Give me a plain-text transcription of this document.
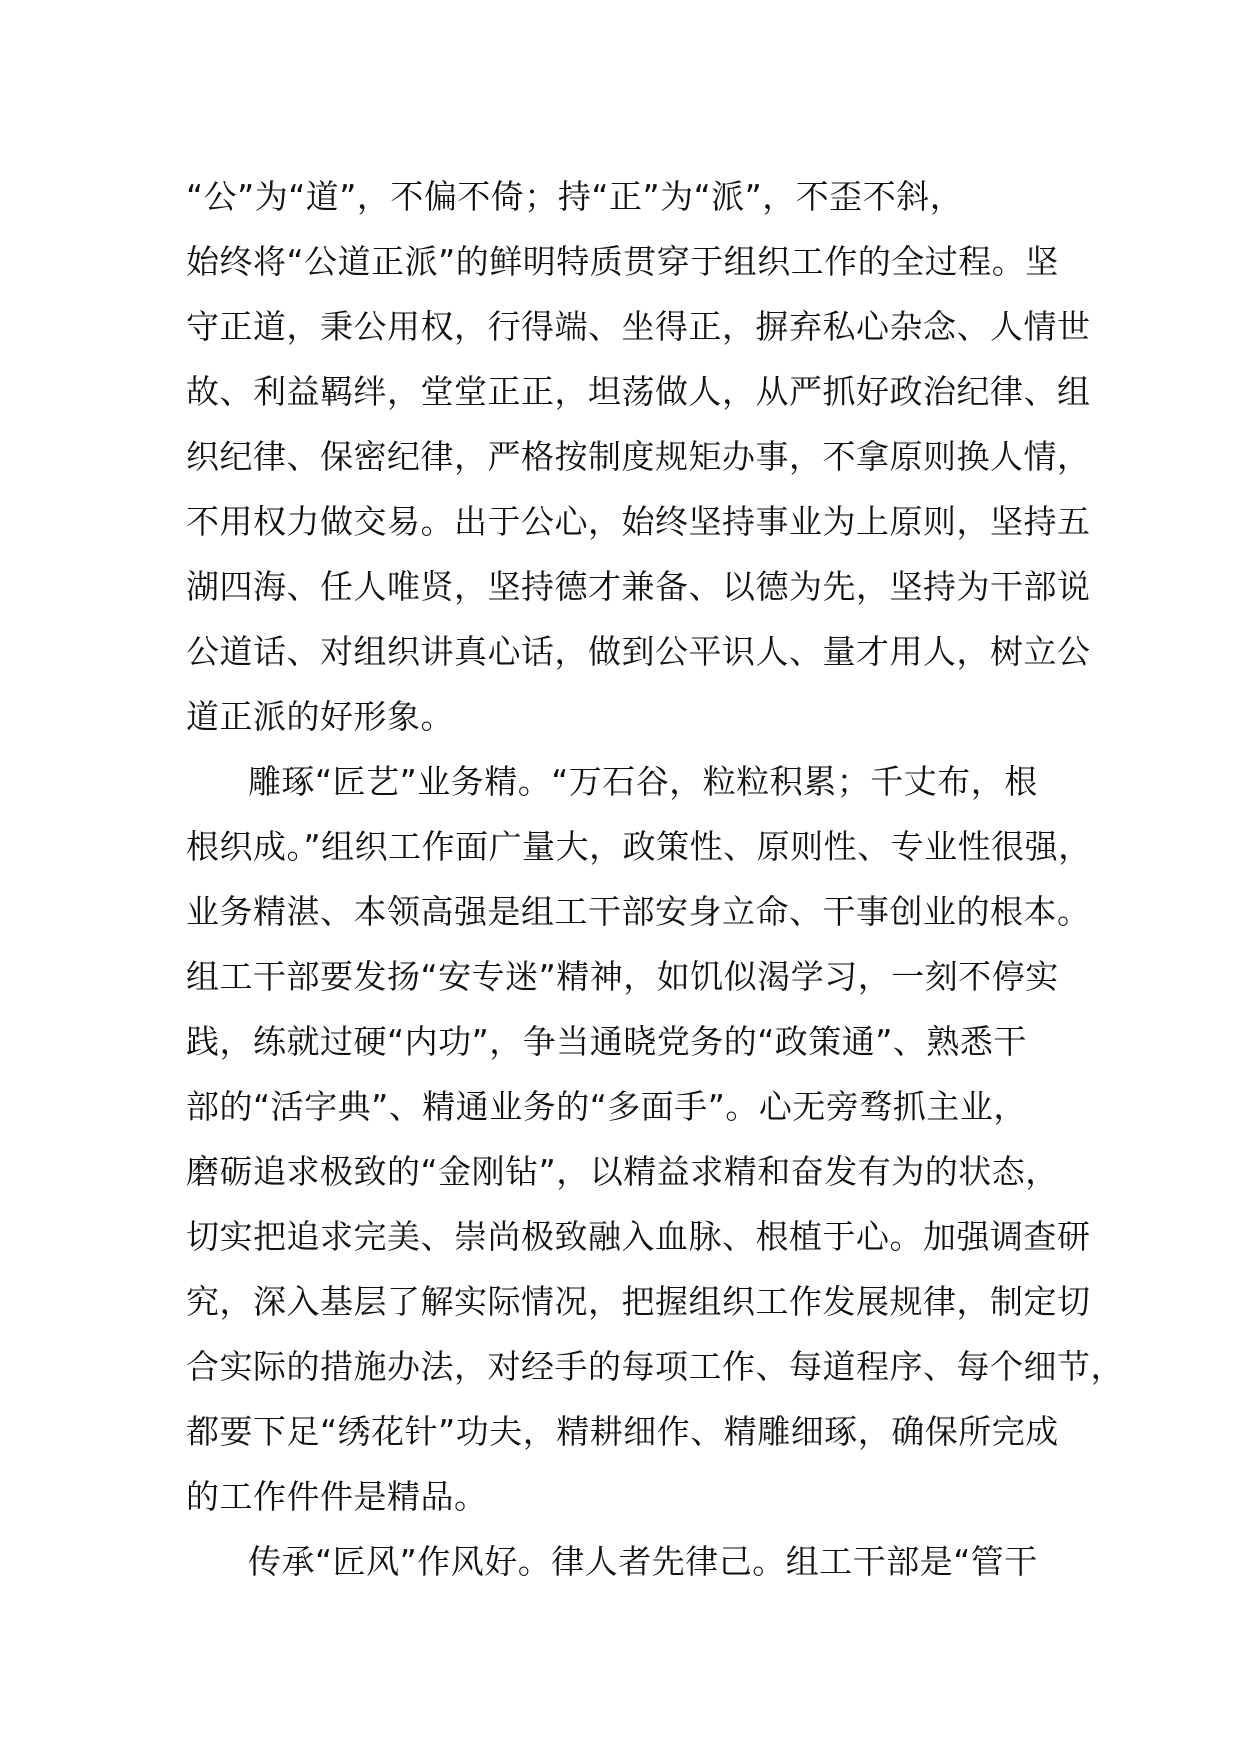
“公”为“道”，不偏不倚；持“正”为“派”，不歪不斜，
始终将“公道正派”的鲜明特质贯穿于组织工作的全过程。坚
守正道，秉公用权，行得端、坐得正，摒弃私心杂念、人情世
故、利益羁绊，堂堂正正，坦荡做人，从严抓好政治纪律、组
织纪律、保密纪律，严格按制度规矩办事，不拿原则换人情，
不用权力做交易。出于公心，始终坚持事业为上原则，坚持五
湖四海、任人唯贤，坚持德才兼备、以德为先，坚持为干部说
公道话、对组织讲真心话，做到公平识人、量才用人，树立公
道正派的好形象。
雕琢“匠艺”业务精。“万石谷，粒粒积累；千丈布，根
根织成。”组织工作面广量大，政策性、原则性、专业性很强，
业务精湛、本领高强是组工干部安身立命、干事创业的根本。
组工干部要发扬“安专迷”精神，如饥似渴学习，一刻不停实
践，练就过硬“内功”，争当通晓党务的“政策通”、熟悉干
部的“活字典”、精通业务的“多面手”。心无旁骛抓主业，
磨砺追求极致的“金刚钻”，以精益求精和奋发有为的状态，
切实把追求完美、崇尚极致融入血脉、根植于心。加强调查研
究，深入基层了解实际情况，把握组织工作发展规律，制定切
合实际的措施办法，对经手的每项工作、每道程序、每个细节，
都要下足“绣花针”功夫，精耕细作、精雕细琢，确保所完成
的工作件件是精品。
传承“匠风”作风好。律人者先律己。组工干部是“管干
